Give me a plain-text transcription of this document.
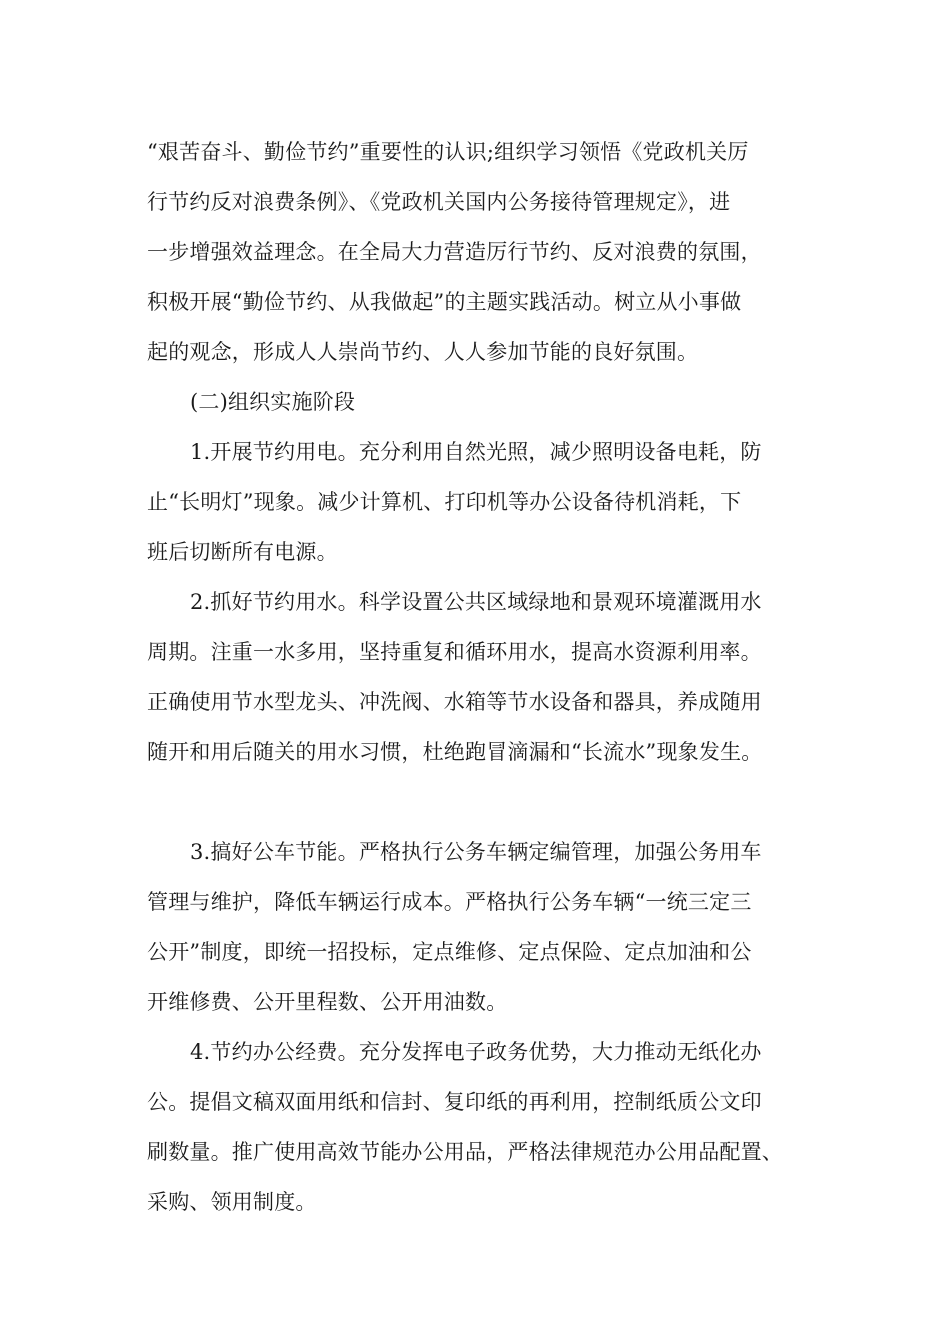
“艰苦奋斗、勤俭节约”重要性的认识;组织学习领悟《党政机关厉
行节约反对浪费条例》、《党政机关国内公务接待管理规定》，进
一步增强效益理念。在全局大力营造厉行节约、反对浪费的氛围，
积极开展“勤俭节约、从我做起”的主题实践活动。树立从小事做
起的观念，形成人人崇尚节约、人人参加节能的良好氛围。
(二)组织实施阶段
1.开展节约用电。充分利用自然光照，减少照明设备电耗，防
止“长明灯”现象。减少计算机、打印机等办公设备待机消耗，下
班后切断所有电源。
2.抓好节约用水。科学设置公共区域绿地和景观环境灌溉用水
周期。注重一水多用，坚持重复和循环用水，提高水资源利用率。
正确使用节水型龙头、冲洗阀、水箱等节水设备和器具，养成随用
随开和用后随关的用水习惯，杜绝跑冒滴漏和“长流水”现象发生。
3.搞好公车节能。严格执行公务车辆定编管理，加强公务用车
管理与维护，降低车辆运行成本。严格执行公务车辆“一统三定三
公开”制度，即统一招投标，定点维修、定点保险、定点加油和公
开维修费、公开里程数、公开用油数。
4.节约办公经费。充分发挥电子政务优势，大力推动无纸化办
公。提倡文稿双面用纸和信封、复印纸的再利用，控制纸质公文印
刷数量。推广使用高效节能办公用品，严格法律规范办公用品配置、
采购、领用制度。
